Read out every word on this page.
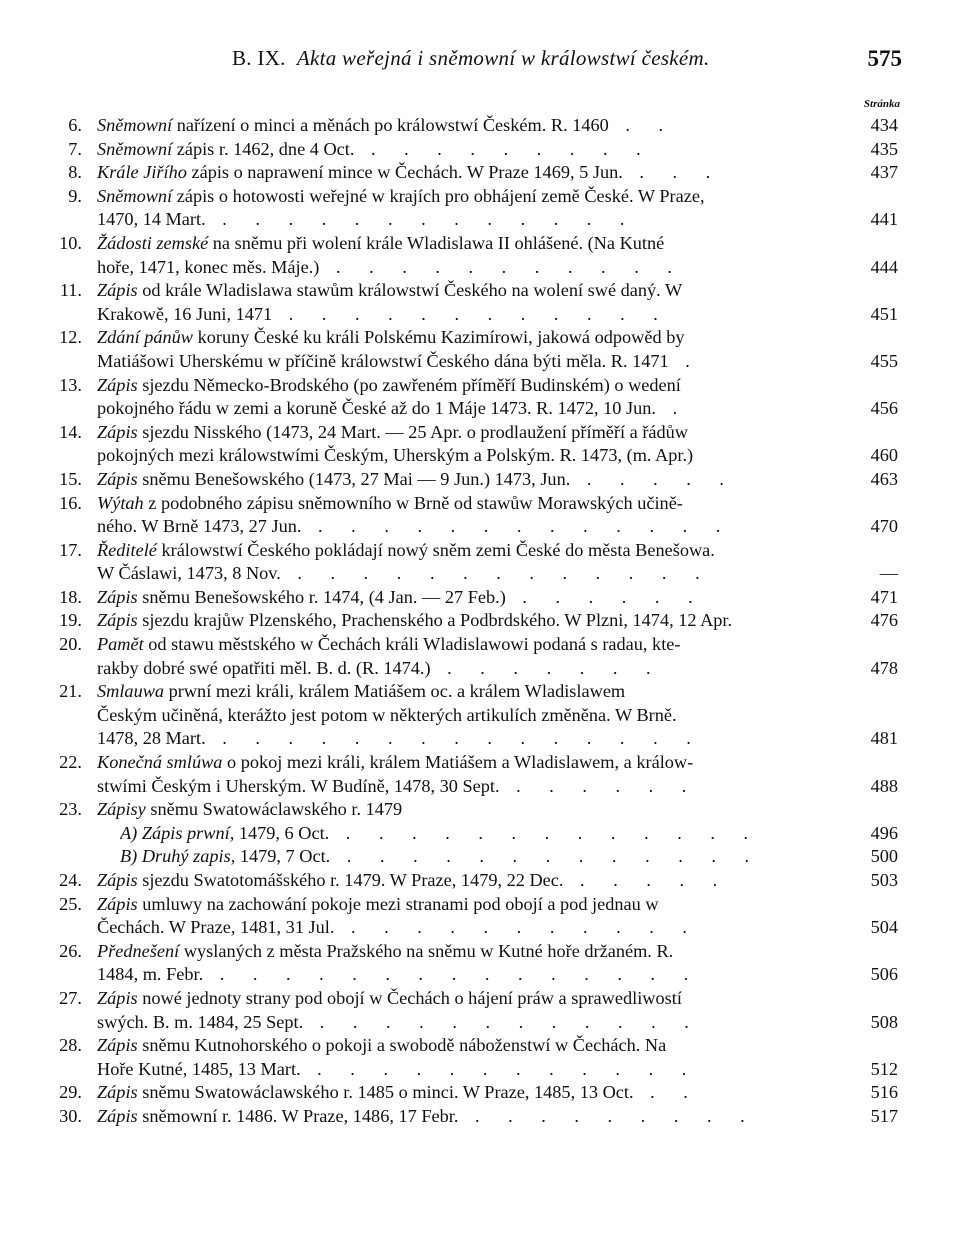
B. IX. Akta weřejná i sněmowní w králowstwí českém.	575
Stránka
6. Sněmowní nařízení o minci a měnách po králowstwí Českém. R. 1460 . .	434
7. Sněmowní zápis r. 1462, dne 4 Oct. . . . . . . . . .	435
8. Krále Jiřího zápis o naprawení mince w Čechách. W Praze 1469, 5 Jun. . . .	437
9. Sněmowní zápis o hotowosti weřejné w krajích pro obhájení země České. W Praze,
1470, 14 Mart. . . . . . . . . . . . . .	441
10. Žádosti zemské na sněmu při wolení krále Wladislawa II ohlášené. (Na Kutné
hoře, 1471, konec měs. Máje.) . . . . . . . . . . .	444
11. Zápis od krále Wladislawa stawům králowstwí Českého na wolení swé daný. W
Krakowě, 16 Juni, 1471 . . . . . . . . . . . .	451
12. Zdání pánůw koruny České ku králi Polskému Kazimírowi, jakowá odpowěd by
Matiášowi Uherskému w příčině králowstwí Českého dána býti měla. R. 1471 .	455
13. Zápis sjezdu Německo-Brodského (po zawřeném příměří Budinském) o wedení
pokojného řádu w zemi a koruně České až do 1 Máje 1473. R. 1472, 10 Jun. .	456
14. Zápis sjezdu Nisského (1473, 24 Mart. — 25 Apr. o prodlaužení příměří a řádůw
pokojných mezi králowstwími Českým, Uherským a Polským. R. 1473, (m. Apr.)	460
15. Zápis sněmu Benešowského (1473, 27 Mai — 9 Jun.) 1473, Jun. . . . . .	463
16. Wýtah z podobného zápisu sněmowního w Brně od stawůw Morawských učině-
ného. W Brně 1473, 27 Jun. . . . . . . . . . . . . .	470
17. Ředitelé králowstwí Českého pokládají nowý sněm zemi České do města Benešowa.
W Čáslawi, 1473, 8 Nov. . . . . . . . . . . . . .	—
18. Zápis sněmu Benešowského r. 1474, (4 Jan. — 27 Feb.) . . . . . .	471
19. Zápis sjezdu krajůw Plzenského, Prachenského a Podbrdského. W Plzni, 1474, 12 Apr.	476
20. Pamět od stawu městského w Čechách králi Wladislawowi podaná s radau, kte-
rakby dobré swé opatřiti měl. B. d. (R. 1474.) . . . . . . .	478
21. Smlauwa prwní mezi králi, králem Matiášem oc. a králem Wladislawem
Českým učiněná, kterážto jest potom w některých artikulích změněna. W Brně.
1478, 28 Mart. . . . . . . . . . . . . . . .	481
22. Konečná smlúwa o pokoj mezi králi, králem Matiášem a Wladislawem, a králow-
stwími Českým i Uherským. W Budíně, 1478, 30 Sept. . . . . . .	488
23. Zápisy sněmu Swatowáclawského r. 1479
A) Zápis prwní, 1479, 6 Oct. . . . . . . . . . . . . .	496
B) Druhý zapis, 1479, 7 Oct. . . . . . . . . . . . . .	500
24. Zápis sjezdu Swatotomášského r. 1479. W Praze, 1479, 22 Dec. . . . . .	503
25. Zápis umluwy na zachowání pokoje mezi stranami pod obojí a pod jednau w
Čechách. W Praze, 1481, 31 Jul. . . . . . . . . . . .	504
26. Přednešení wyslaných z města Pražského na sněmu w Kutné hoře držaném. R.
1484, m. Febr. . . . . . . . . . . . . . . .	506
27. Zápis nowé jednoty strany pod obojí w Čechách o hájení práw a sprawedliwostí
swých. B. m. 1484, 25 Sept. . . . . . . . . . . . .	508
28. Zápis sněmu Kutnohorského o pokoji a swobodě náboženstwí w Čechách. Na
Hoře Kutné, 1485, 13 Mart. . . . . . . . . . . . .	512
29. Zápis sněmu Swatowáclawského r. 1485 o minci. W Praze, 1485, 13 Oct. . .	516
30. Zápis sněmowní r. 1486. W Praze, 1486, 17 Febr. . . . . . . . . .	517
